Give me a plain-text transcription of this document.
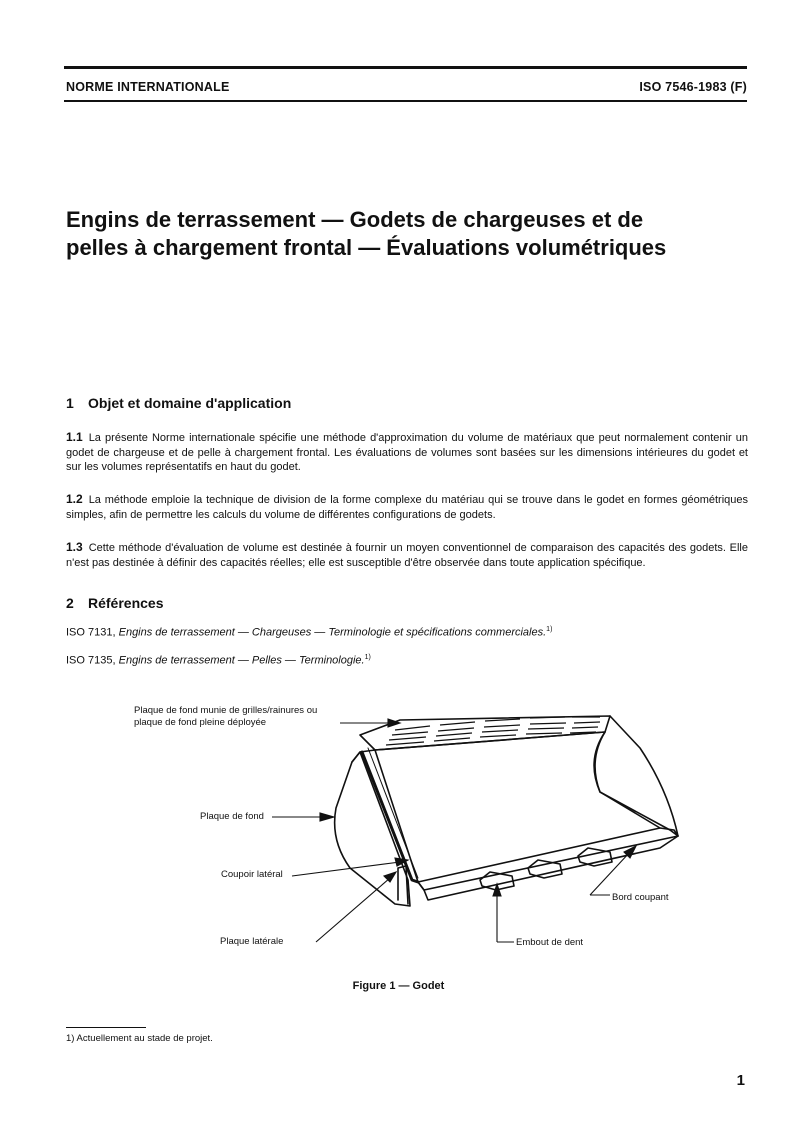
NORME INTERNATIONALE	ISO 7546-1983 (F)
Engins de terrassement — Godets de chargeuses et de
pelles à chargement frontal — Évaluations volumétriques
1 Objet et domaine d'application
1.1 La présente Norme internationale spécifie une méthode d'approximation du volume de matériaux que peut normalement contenir un godet de chargeuse et de pelle à chargement frontal. Les évaluations de volumes sont basées sur les dimensions intérieures du godet et sur les volumes représentatifs en haut du godet.
1.2 La méthode emploie la technique de division de la forme complexe du matériau qui se trouve dans le godet en formes géométriques simples, afin de permettre les calculs du volume de différentes configurations de godets.
1.3 Cette méthode d'évaluation de volume est destinée à fournir un moyen conventionnel de comparaison des capacités des godets. Elle n'est pas destinée à définir des capacités réelles; elle est susceptible d'être observée dans toute application spécifique.
2 Références
ISO 7131, Engins de terrassement — Chargeuses — Terminologie et spécifications commerciales.$^{1)}$
ISO 7135, Engins de terrassement — Pelles — Terminologie.$^{1)}$
Plaque de fond munie de grilles/rainures ou
plaque de fond pleine déployée
Plaque de fond
Coupoir latéral
Plaque latérale	Embout de dent
Bord coupant
Figure 1 — Godet
1) Actuellement au stade de projet.
1
